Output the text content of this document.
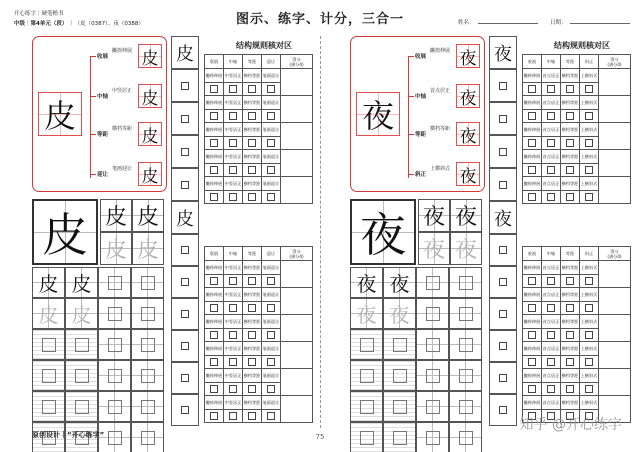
开心练字｜硬笔楷书
中级｜第4单元（段） ｜（皮（0387）、夜（0388）	图示、练字、计分，三合一	姓名：	日期：
皮
收展
撇捺伸展 皮
中轴
中竖居正 皮
等距
横档等距 皮
迎让
笔画迎让 皮
皮
皮
皮 皮 皮
皮 皮
皮 皮
皮 皮
结构规则核对区
收展	中轴	等距	迎让	得分
(满分4)

撇捺伸展	中竖居正	横档等距	笔画迎让	

撇捺伸展	中竖居正	横档等距	笔画迎让	

撇捺伸展	中竖居正	横档等距	笔画迎让	

撇捺伸展	中竖居正	横档等距	笔画迎让	

撇捺伸展	中竖居正	横档等距	笔画迎让	

收展	中轴	等距	迎让	得分
(满分4)

撇捺伸展	中竖居正	横档等距	笔画迎让	

撇捺伸展	中竖居正	横档等距	笔画迎让	

撇捺伸展	中竖居正	横档等距	笔画迎让	

撇捺伸展	中竖居正	横档等距	笔画迎让	

撇捺伸展	中竖居正	横档等距	笔画迎让	

撇捺伸展	中竖居正	横档等距	笔画迎让	

夜
收展
撇捺伸展 夜
中轴
首点居正 夜
等距
横档等距 夜
斜正
上横斜式 夜
夜
夜
夜 夜 夜
夜 夜
夜 夜
夜 夜
结构规则核对区
收展	中轴	等距	斜正	得分
(满分4)

撇捺伸展	首点居正	横档等距	上横斜式	

撇捺伸展	首点居正	横档等距	上横斜式	

撇捺伸展	首点居正	横档等距	上横斜式	

撇捺伸展	首点居正	横档等距	上横斜式	

撇捺伸展	首点居正	横档等距	上横斜式	

收展	中轴	等距	斜正	得分
(满分4)

撇捺伸展	首点居正	横档等距	上横斜式	

撇捺伸展	首点居正	横档等距	上横斜式	

撇捺伸展	首点居正	横档等距	上横斜式	

撇捺伸展	首点居正	横档等距	上横斜式	

撇捺伸展	首点居正	横档等距	上横斜式	

撇捺伸展	首点居正	横档等距	上横斜式	

原创设计｜“开心练字”	75
知乎 @开心练字
